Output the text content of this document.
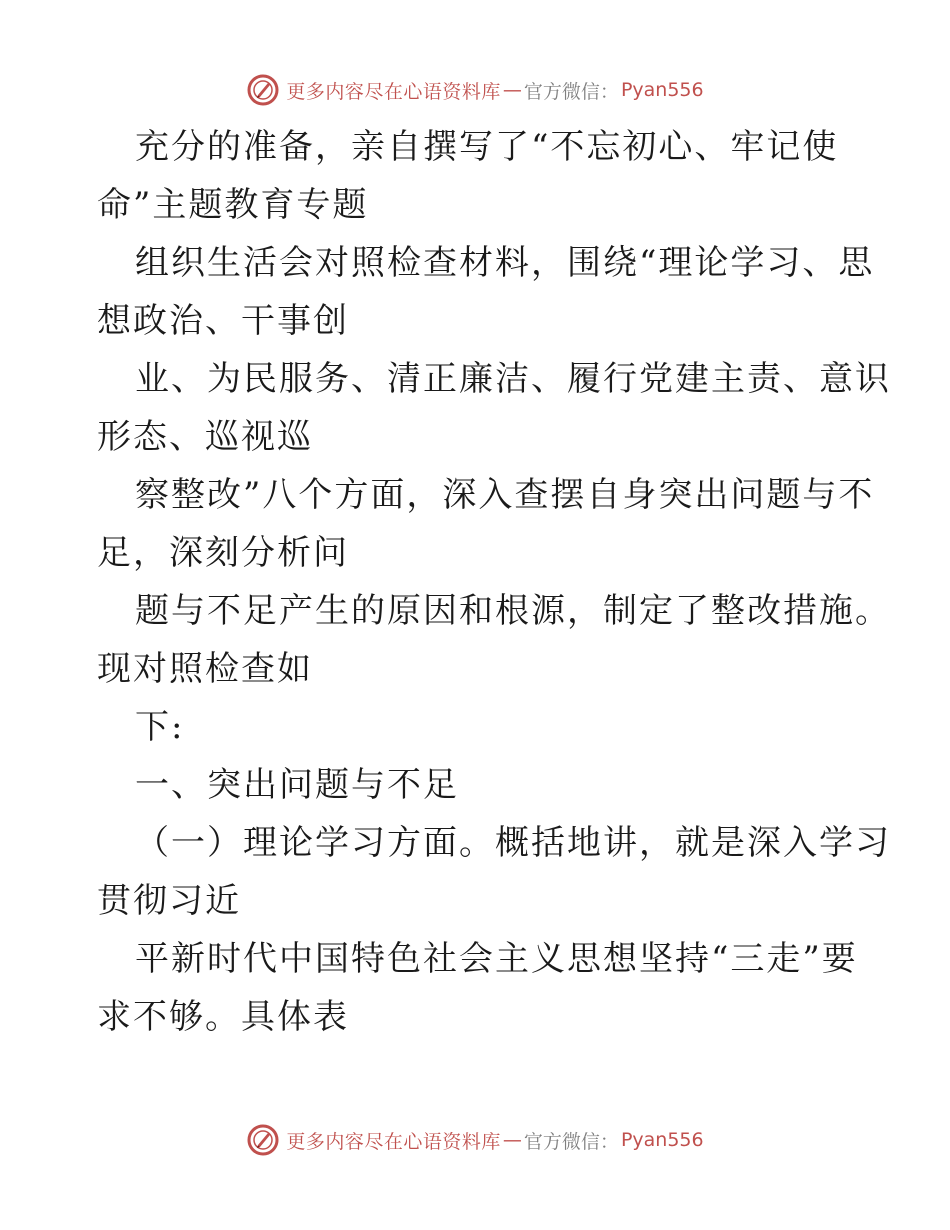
更多内容尽在心语资料库 — 官方微信： Pyan556
充分的准备，亲自撰写了“不忘初心、牢记使
命”主题教育专题
组织生活会对照检查材料，围绕“理论学习、思
想政治、干事创
业、为民服务、清正廉洁、履行党建主责、意识
形态、巡视巡
察整改”八个方面，深入查摆自身突出问题与不
足，深刻分析问
题与不足产生的原因和根源，制定了整改措施。
现对照检查如
下:
一、突出问题与不足
（一）理论学习方面。概括地讲，就是深入学习
贯彻习近
平新时代中国特色社会主义思想坚持“三走”要
求不够。具体表
更多内容尽在心语资料库 — 官方微信： Pyan556
